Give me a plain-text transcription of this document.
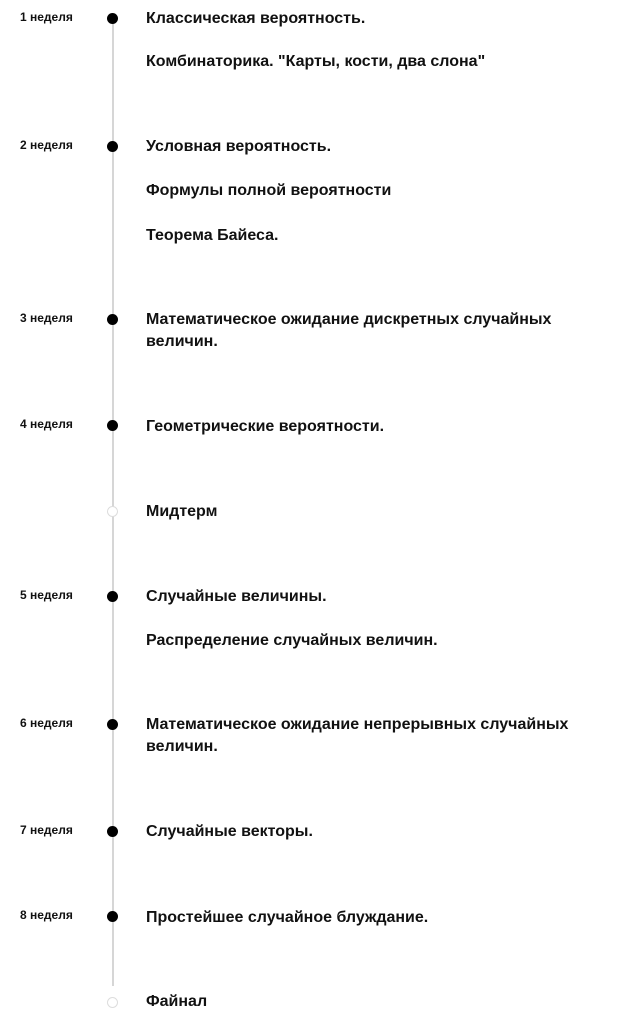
1 неделя	Классическая вероятность.
Комбинаторика. "Карты, кости, два слона"
2 неделя	Условная вероятность.
Формулы полной вероятности
Теорема Байеса.
3 неделя	Математическое ожидание дискретных случайных величин.
4 неделя	Геометрические вероятности.
Мидтерм
5 неделя	Случайные величины.
Распределение случайных величин.
6 неделя	Математическое ожидание непрерывных случайных величин.
7 неделя	Случайные векторы.
8 неделя	Простейшее случайное блуждание.
Файнал
